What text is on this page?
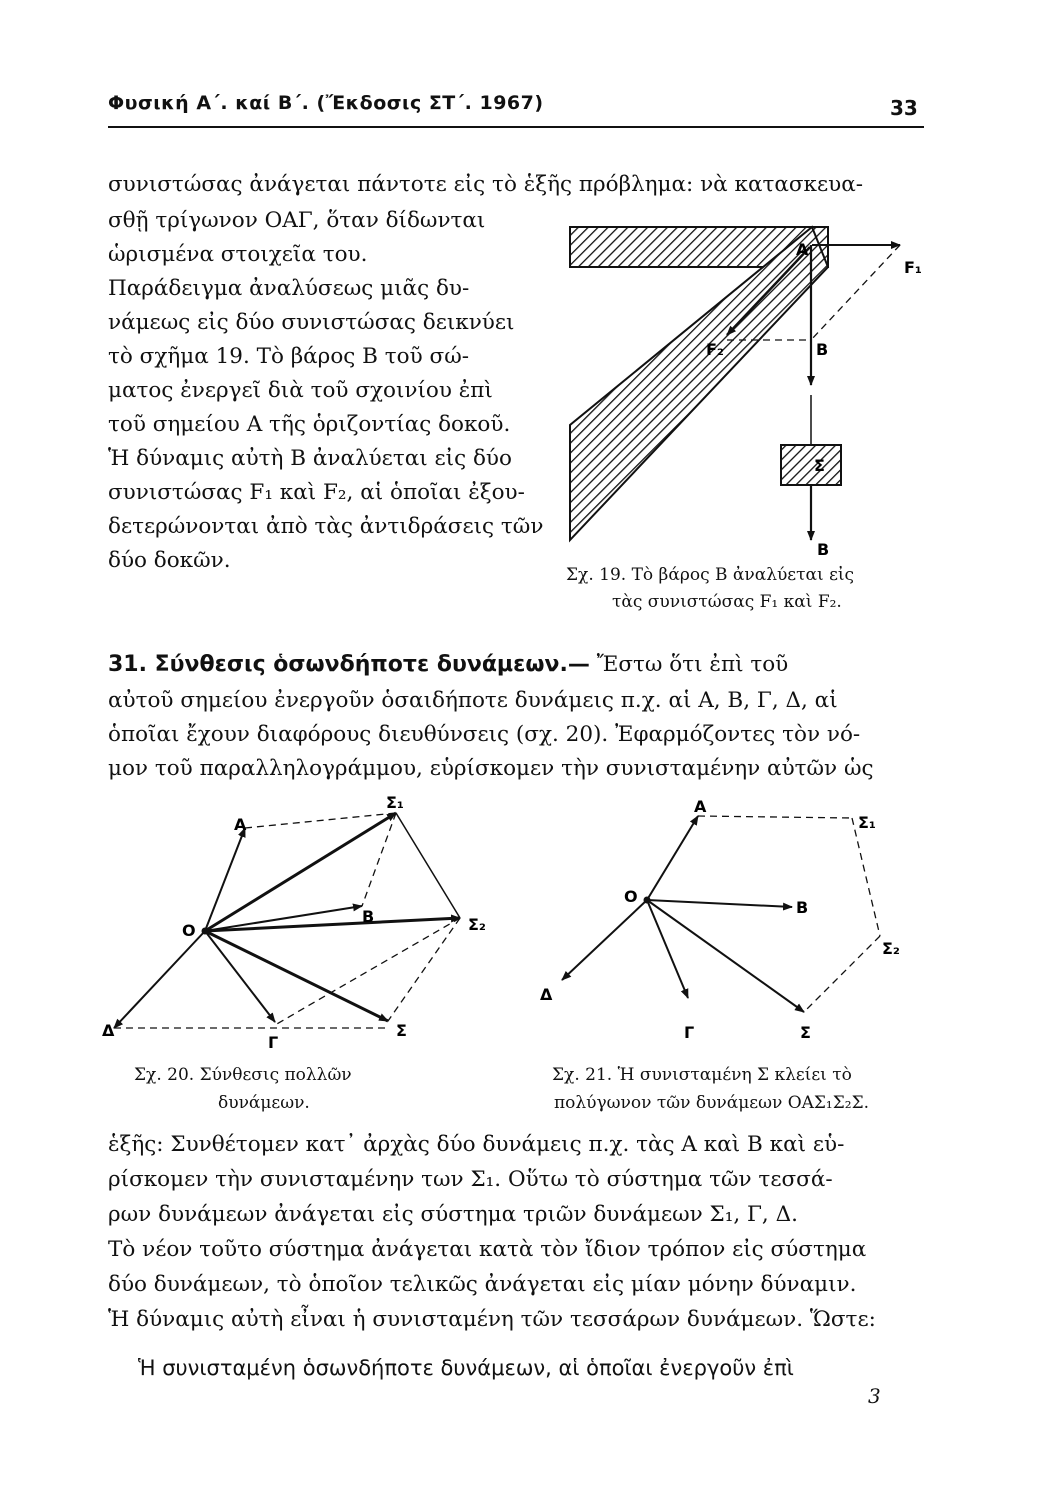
Φυσική Α΄. καί Β΄. (Ἔκδοσις ΣΤ΄. 1967)	33
συνιστώσας ἀνάγεται πάντοτε εἰς τὸ ἑξῆς πρόβλημα: νὰ κατασκευα-
σθῇ τρίγωνον ΟΑΓ, ὅταν δίδωνται
ὡρισμένα στοιχεῖα του.
Παράδειγμα ἀναλύσεως μιᾶς δυ-
νάμεως εἰς δύο συνιστώσας δεικνύει
τὸ σχῆμα 19. Τὸ βάρος Β τοῦ σώ-
ματος ἐνεργεῖ διὰ τοῦ σχοινίου ἐπὶ
τοῦ σημείου Α τῆς ὁριζοντίας δοκοῦ.
Ἡ δύναμις αὐτὴ Β ἀναλύεται εἰς δύο
συνιστώσας F₁ καὶ F₂, αἱ ὁποῖαι ἐξου-
δετερώνονται ἀπὸ τὰς ἀντιδράσεις τῶν
δύο δοκῶν.
A
F₁
F₂	B
Σ
B
Σχ. 19. Τὸ βάρος Β ἀναλύεται εἰς
τὰς συνιστώσας F₁ καὶ F₂.
31. Σύνθεσις ὁσωνδήποτε δυνάμεων.— Ἔστω ὅτι ἐπὶ τοῦ
αὐτοῦ σημείου ἐνεργοῦν ὁσαιδήποτε δυνάμεις π.χ. αἱ Α, Β, Γ, Δ, αἱ
ὁποῖαι ἔχουν διαφόρους διευθύνσεις (σχ. 20). Ἐφαρμόζοντες τὸν νό-
μον τοῦ παραλληλογράμμου, εὑρίσκομεν τὴν συνισταμένην αὐτῶν ὡς
O
A
B
Γ
Δ
Σ₁
Σ₂
Σ
Σχ. 20. Σύνθεσις πολλῶν
δυνάμεων.
O
A
B
Γ
Δ
Σ₁
Σ₂
Σ
Σχ. 21. Ἡ συνισταμένη Σ κλείει τὸ
πολύγωνον τῶν δυνάμεων ΟΑΣ₁Σ₂Σ.
ἑξῆς: Συνθέτομεν κατ᾽ ἀρχὰς δύο δυνάμεις π.χ. τὰς Α καὶ Β καὶ εὑ-
ρίσκομεν τὴν συνισταμένην των Σ₁. Οὕτω τὸ σύστημα τῶν τεσσά-
ρων δυνάμεων ἀνάγεται εἰς σύστημα τριῶν δυνάμεων Σ₁, Γ, Δ.
Τὸ νέον τοῦτο σύστημα ἀνάγεται κατὰ τὸν ἴδιον τρόπον εἰς σύστημα
δύο δυνάμεων, τὸ ὁποῖον τελικῶς ἀνάγεται εἰς μίαν μόνην δύναμιν.
Ἡ δύναμις αὐτὴ εἶναι ἡ συνισταμένη τῶν τεσσάρων δυνάμεων. Ὥστε:
Ἡ συνισταμένη ὁσωνδήποτε δυνάμεων, αἱ ὁποῖαι ἐνεργοῦν ἐπὶ
3
